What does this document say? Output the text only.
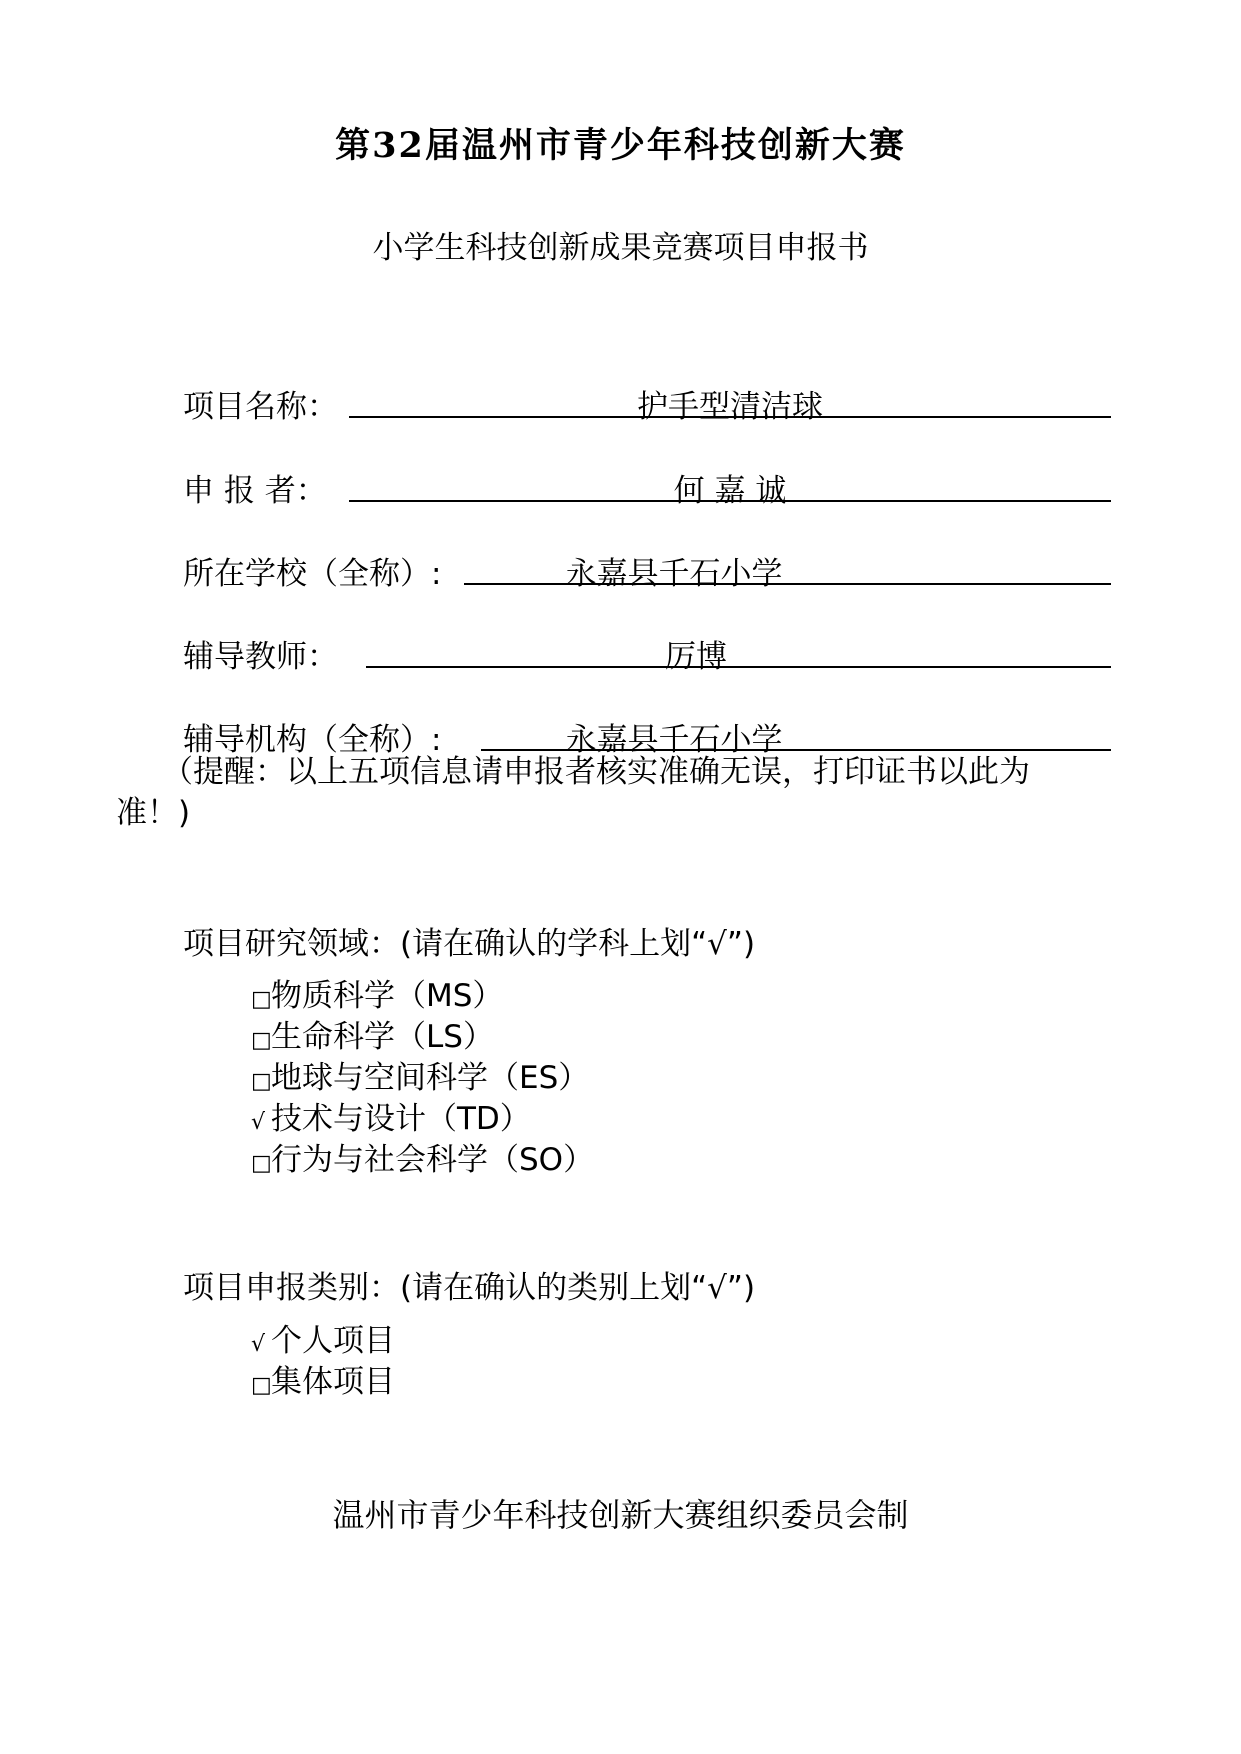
第32届温州市青少年科技创新大赛
小学生科技创新成果竞赛项目申报书
项目名称：	护手型清洁球
申 报 者：	何 嘉 诚
所在学校（全称）:	永嘉县千石小学
辅导教师：	厉博
辅导机构（全称）:	永嘉县千石小学
（提醒：以上五项信息请申报者核实准确无误，打印证书以此为
准！)
项目研究领域：(请在确认的学科上划“√”)
□物质科学（MS）
□生命科学（LS）
□地球与空间科学（ES）
√ 技术与设计（TD）
□行为与社会科学（SO）
项目申报类别：(请在确认的类别上划“√”)
√ 个人项目
□集体项目
温州市青少年科技创新大赛组织委员会制
